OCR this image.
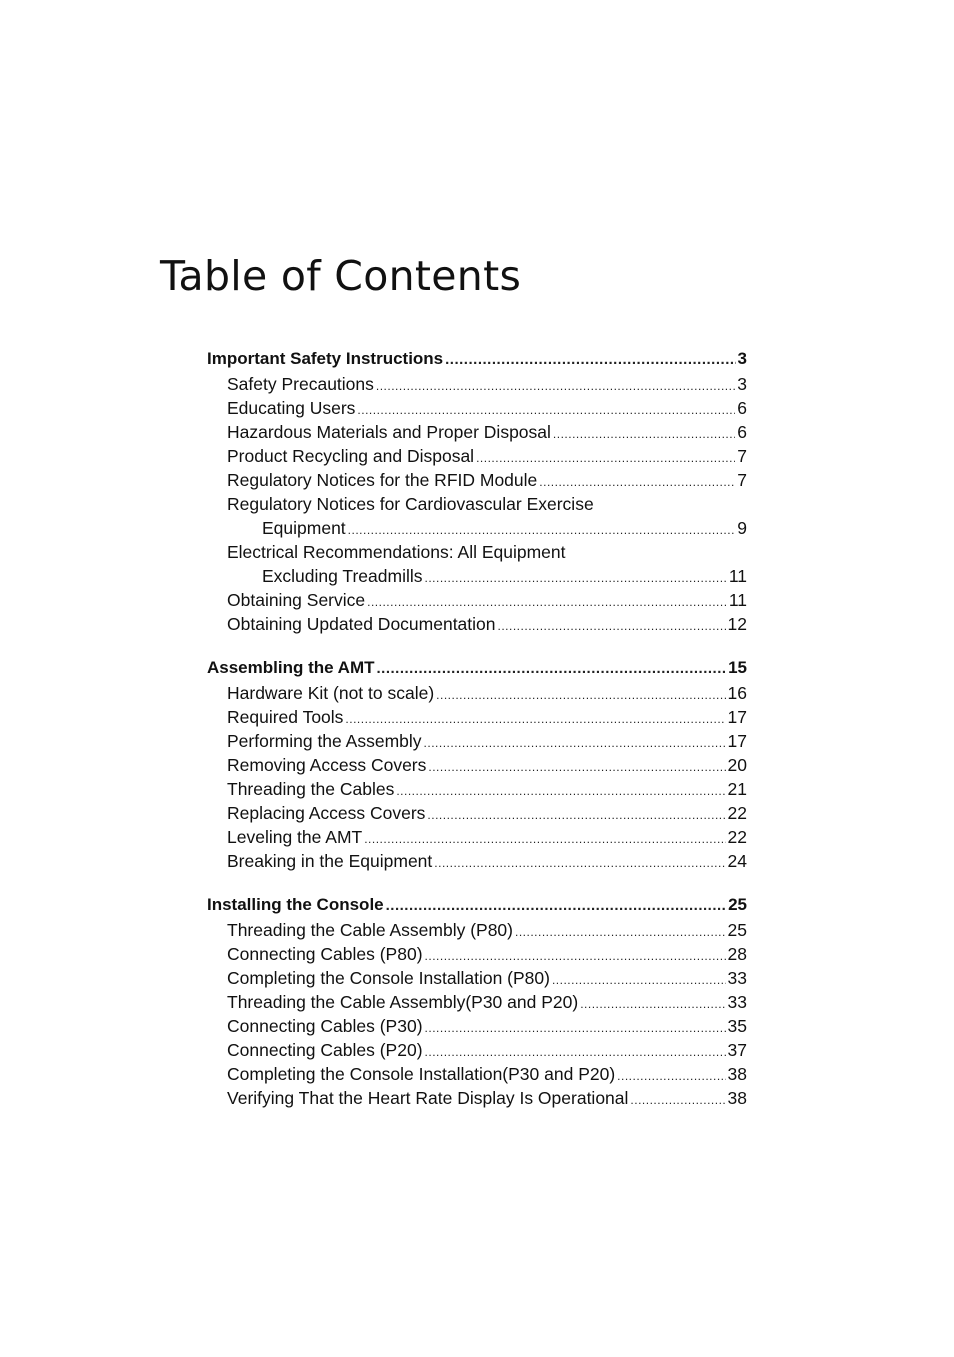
Table of Contents
Important Safety Instructions .....	3
Safety Precautions .....	3
Educating Users .....	6
Hazardous Materials and Proper Disposal .....	6
Product Recycling and Disposal .....	7
Regulatory Notices for the RFID Module .....	7
Regulatory Notices for Cardiovascular Exercise
Equipment .....	9
Electrical Recommendations: All Equipment
Excluding Treadmills .....	11
Obtaining Service .....	11
Obtaining Updated Documentation .....	12
Assembling the AMT .....	15
Hardware Kit (not to scale) .....	16
Required Tools .....	17
Performing the Assembly .....	17
Removing Access Covers .....	20
Threading the Cables .....	21
Replacing Access Covers .....	22
Leveling the AMT .....	22
Breaking in the Equipment .....	24
Installing the Console .....	25
Threading the Cable Assembly (P80) .....	25
Connecting Cables (P80) .....	28
Completing the Console Installation (P80) .....	33
Threading the Cable Assembly(P30 and P20) .....	33
Connecting Cables (P30) .....	35
Connecting Cables (P20) .....	37
Completing the Console Installation(P30 and P20) .....	38
Verifying That the Heart Rate Display Is Operational .....	38
